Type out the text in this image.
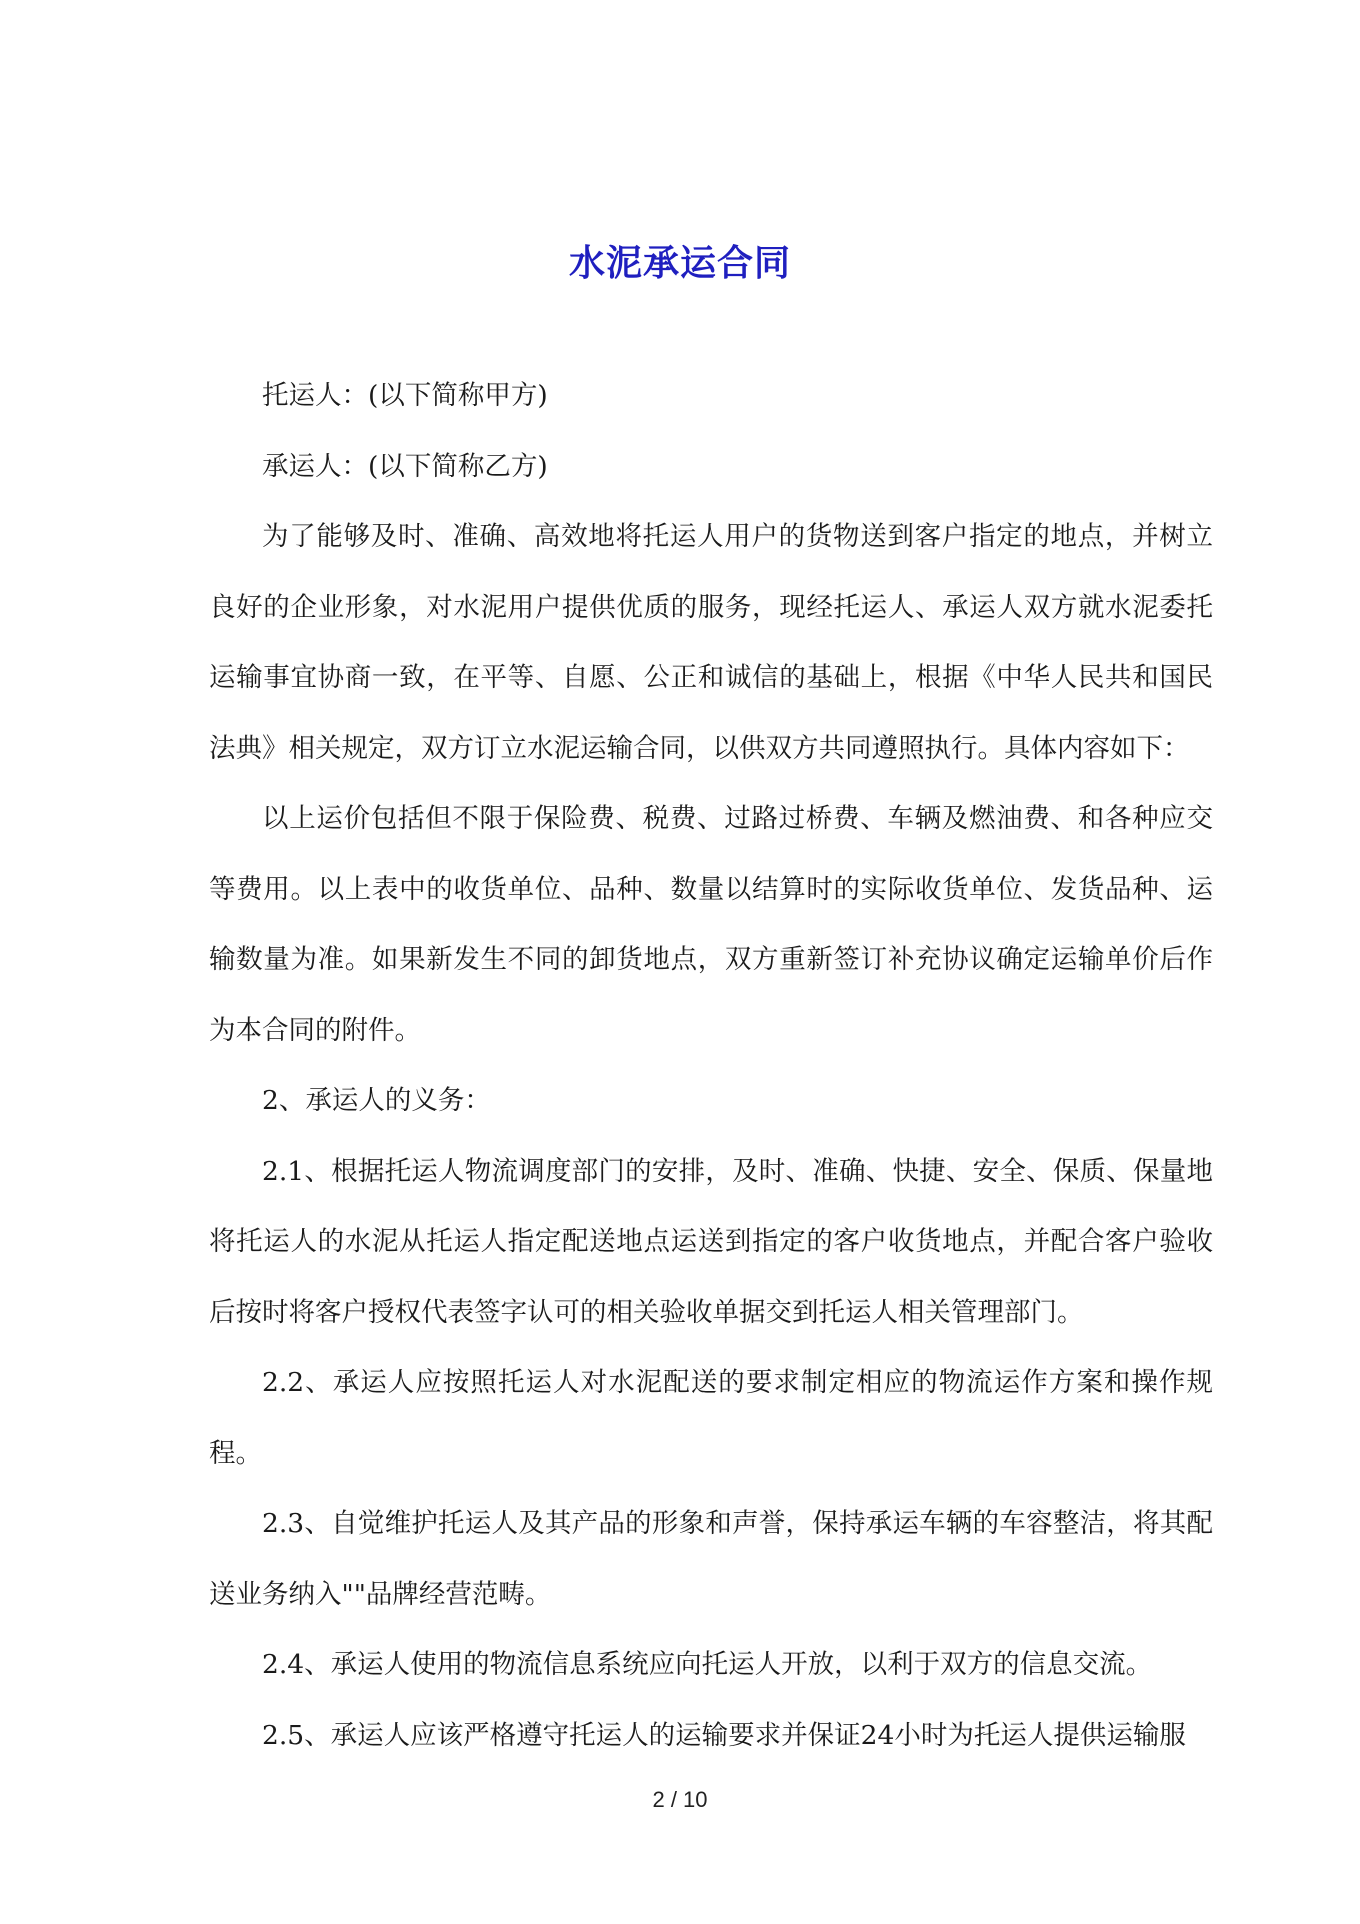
水泥承运合同

托运人：(以下简称甲方)

承运人：(以下简称乙方)

为了能够及时、准确、高效地将托运人用户的货物送到客户指定的地点，并树立良好的企业形象，对水泥用户提供优质的服务，现经托运人、承运人双方就水泥委托运输事宜协商一致，在平等、自愿、公正和诚信的基础上，根据《中华人民共和国民法典》相关规定，双方订立水泥运输合同，以供双方共同遵照执行。具体内容如下：

以上运价包括但不限于保险费、税费、过路过桥费、车辆及燃油费、和各种应交等费用。以上表中的收货单位、品种、数量以结算时的实际收货单位、发货品种、运输数量为准。如果新发生不同的卸货地点，双方重新签订补充协议确定运输单价后作为本合同的附件。

2、承运人的义务：

2.1、根据托运人物流调度部门的安排，及时、准确、快捷、安全、保质、保量地将托运人的水泥从托运人指定配送地点运送到指定的客户收货地点，并配合客户验收后按时将客户授权代表签字认可的相关验收单据交到托运人相关管理部门。

2.2、承运人应按照托运人对水泥配送的要求制定相应的物流运作方案和操作规程。

2.3、自觉维护托运人及其产品的形象和声誉，保持承运车辆的车容整洁，将其配送业务纳入""品牌经营范畴。

2.4、承运人使用的物流信息系统应向托运人开放，以利于双方的信息交流。

2.5、承运人应该严格遵守托运人的运输要求并保证24小时为托运人提供运输服

2 / 10
